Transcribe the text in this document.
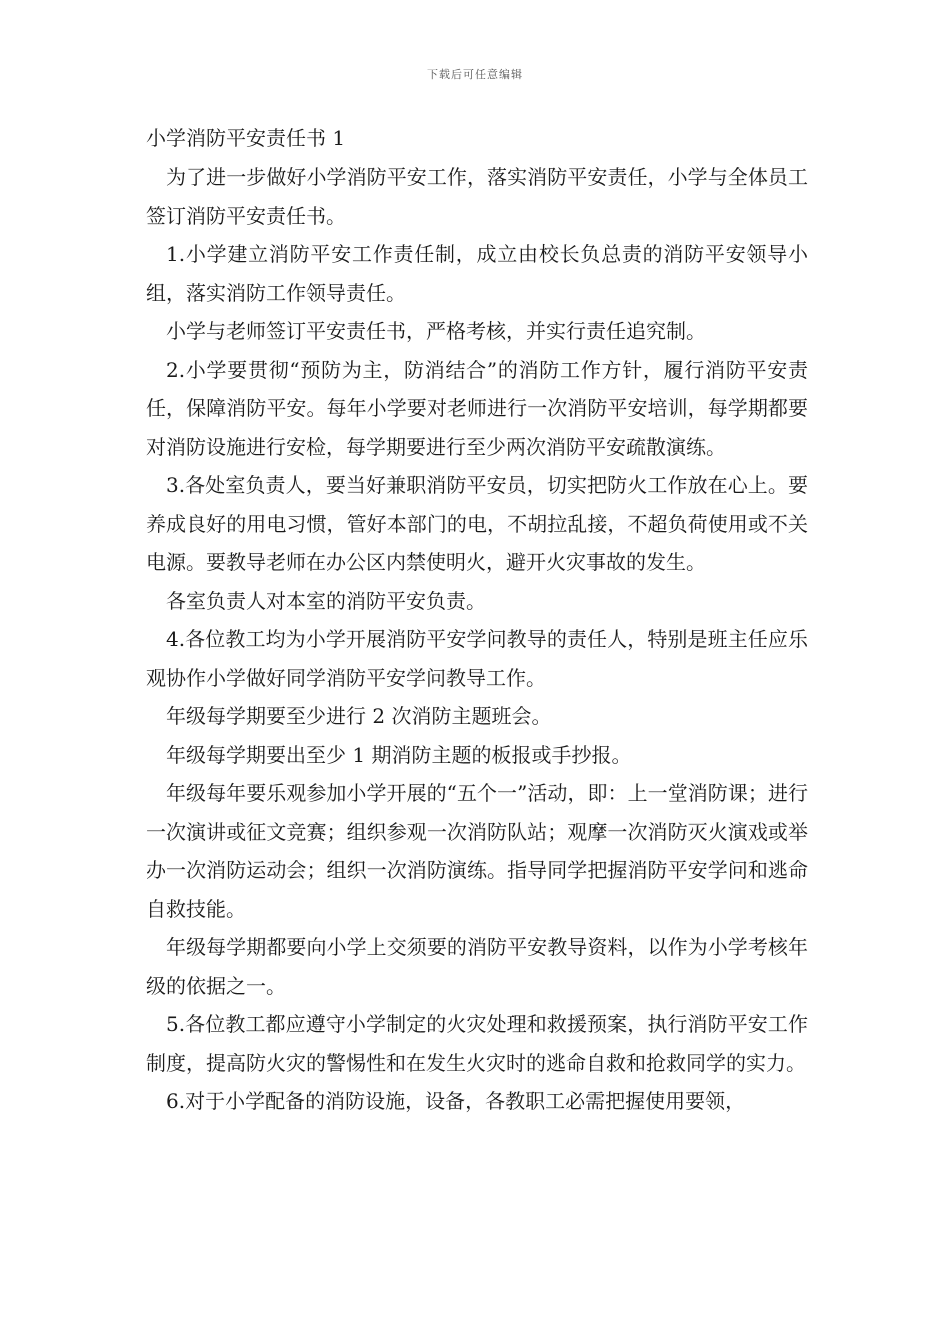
下载后可任意编辑

小学消防平安责任书 1

为了进一步做好小学消防平安工作，落实消防平安责任，小学与全体员工签订消防平安责任书。

1.小学建立消防平安工作责任制，成立由校长负总责的消防平安领导小组，落实消防工作领导责任。

小学与老师签订平安责任书，严格考核，并实行责任追究制。

2.小学要贯彻“预防为主，防消结合”的消防工作方针，履行消防平安责任，保障消防平安。每年小学要对老师进行一次消防平安培训，每学期都要对消防设施进行安检，每学期要进行至少两次消防平安疏散演练。

3.各处室负责人，要当好兼职消防平安员，切实把防火工作放在心上。要养成良好的用电习惯，管好本部门的电，不胡拉乱接，不超负荷使用或不关电源。要教导老师在办公区内禁使明火，避开火灾事故的发生。

各室负责人对本室的消防平安负责。

4.各位教工均为小学开展消防平安学问教导的责任人，特别是班主任应乐观协作小学做好同学消防平安学问教导工作。

年级每学期要至少进行 2 次消防主题班会。

年级每学期要出至少 1 期消防主题的板报或手抄报。

年级每年要乐观参加小学开展的“五个一”活动，即：上一堂消防课；进行一次演讲或征文竞赛；组织参观一次消防队站；观摩一次消防灭火演戏或举办一次消防运动会；组织一次消防演练。指导同学把握消防平安学问和逃命自救技能。

年级每学期都要向小学上交须要的消防平安教导资料，以作为小学考核年级的依据之一。

5.各位教工都应遵守小学制定的火灾处理和救援预案，执行消防平安工作制度，提高防火灾的警惕性和在发生火灾时的逃命自救和抢救同学的实力。

6.对于小学配备的消防设施，设备，各教职工必需把握使用要领，
